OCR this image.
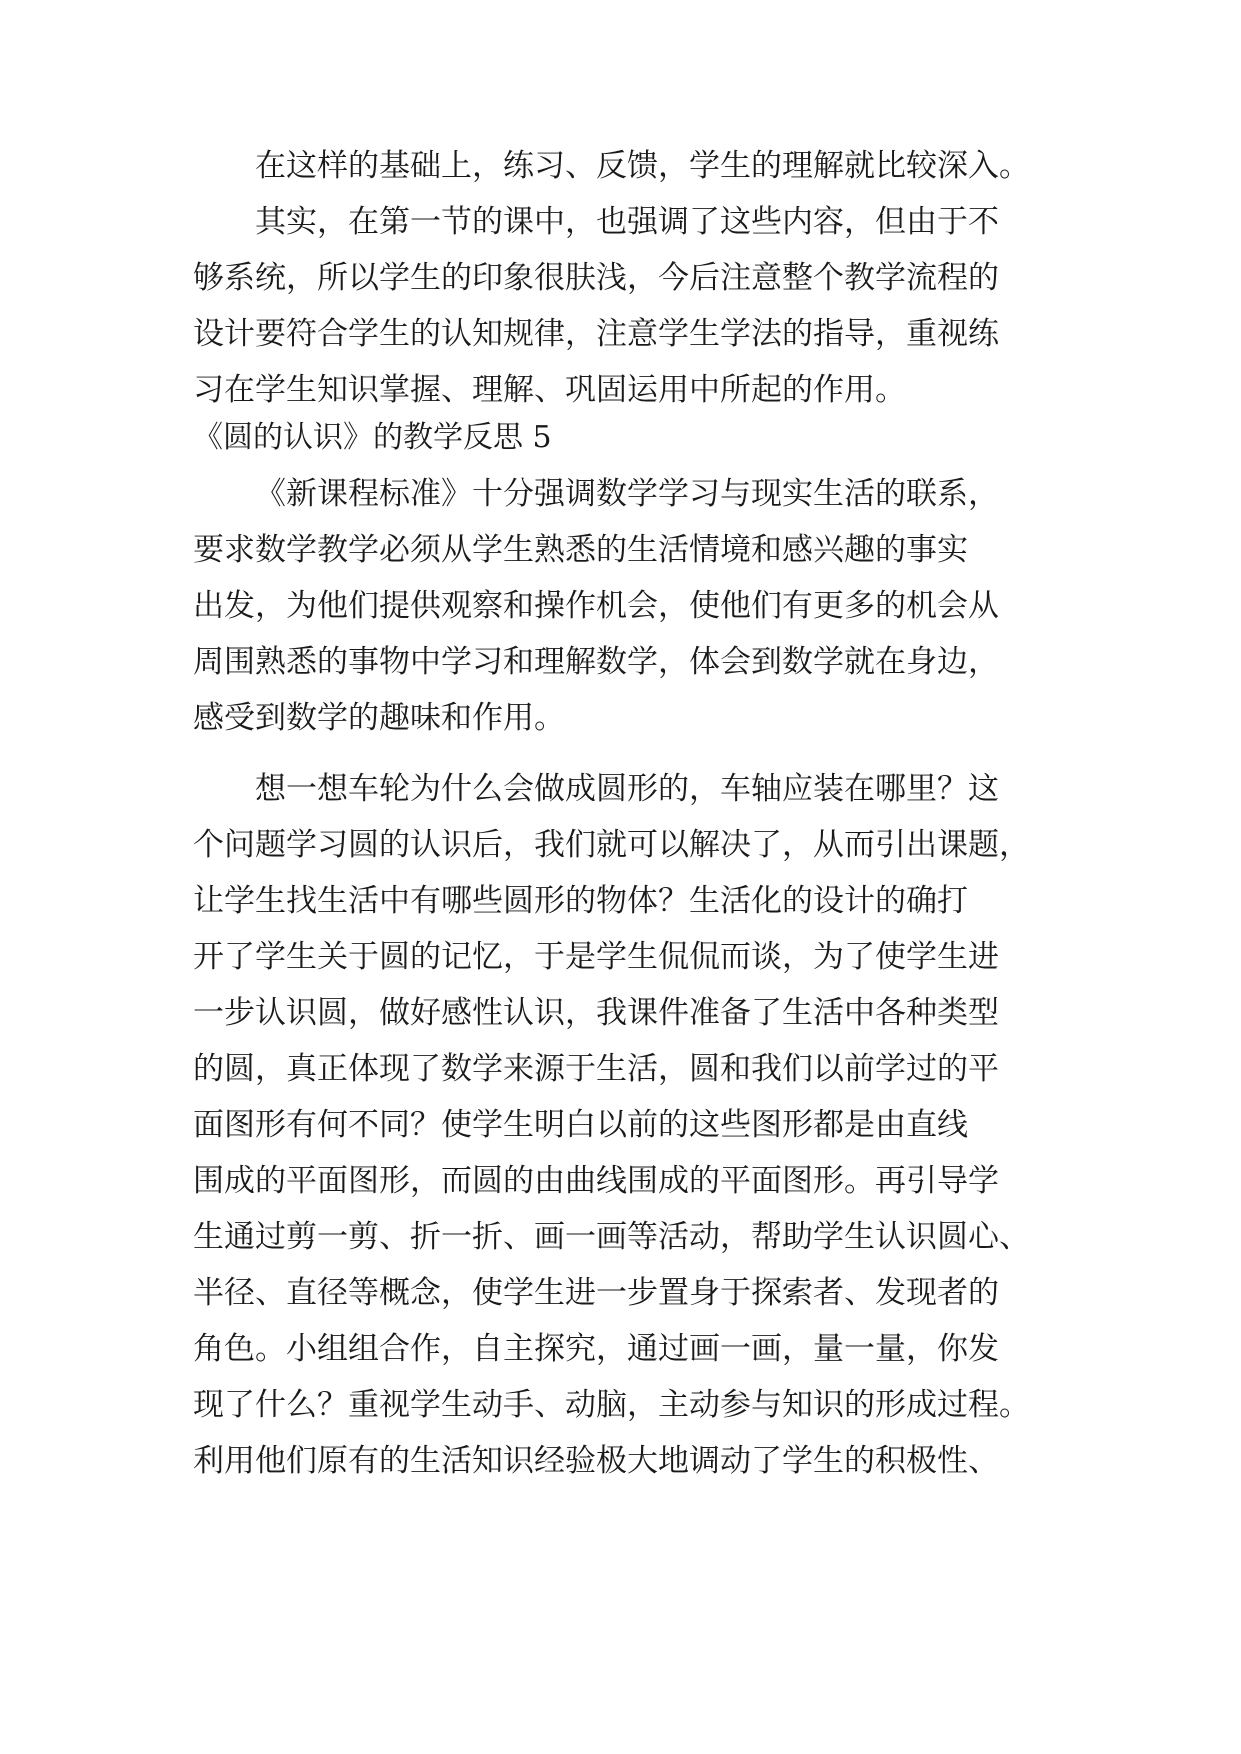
在这样的基础上，练习、反馈，学生的理解就比较深入。
其实，在第一节的课中，也强调了这些内容，但由于不
够系统，所以学生的印象很肤浅，今后注意整个教学流程的
设计要符合学生的认知规律，注意学生学法的指导，重视练
习在学生知识掌握、理解、巩固运用中所起的作用。
《圆的认识》的教学反思 5
《新课程标准》十分强调数学学习与现实生活的联系，
要求数学教学必须从学生熟悉的生活情境和感兴趣的事实
出发，为他们提供观察和操作机会，使他们有更多的机会从
周围熟悉的事物中学习和理解数学，体会到数学就在身边，
感受到数学的趣味和作用。
想一想车轮为什么会做成圆形的，车轴应装在哪里？这
个问题学习圆的认识后，我们就可以解决了，从而引出课题，
让学生找生活中有哪些圆形的物体？生活化的设计的确打
开了学生关于圆的记忆，于是学生侃侃而谈，为了使学生进
一步认识圆，做好感性认识，我课件准备了生活中各种类型
的圆，真正体现了数学来源于生活，圆和我们以前学过的平
面图形有何不同？使学生明白以前的这些图形都是由直线
围成的平面图形，而圆的由曲线围成的平面图形。再引导学
生通过剪一剪、折一折、画一画等活动，帮助学生认识圆心、
半径、直径等概念，使学生进一步置身于探索者、发现者的
角色。小组组合作，自主探究，通过画一画，量一量，你发
现了什么？重视学生动手、动脑，主动参与知识的形成过程。
利用他们原有的生活知识经验极大地调动了学生的积极性、
